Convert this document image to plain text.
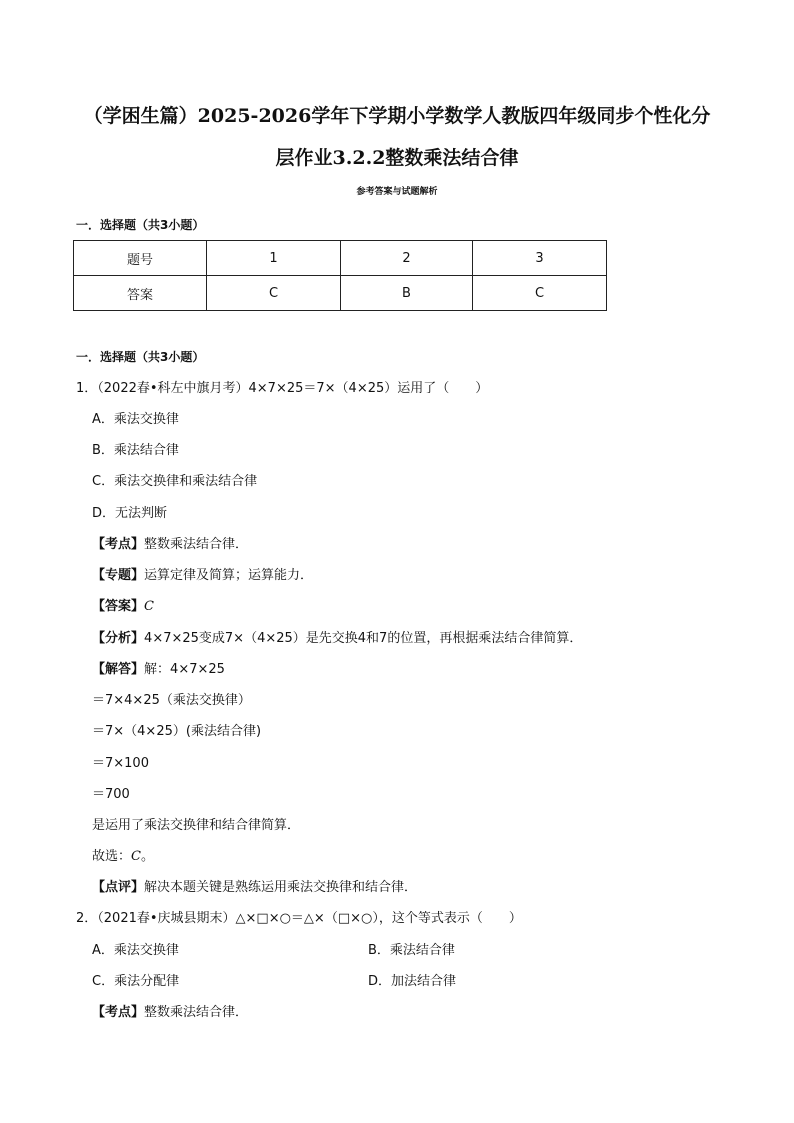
（学困生篇）2025-2026学年下学期小学数学人教版四年级同步个性化分
层作业3.2.2整数乘法结合律
参考答案与试题解析
一．选择题（共3小题）
题号	1	2	3
答案	C	B	C
一．选择题（共3小题）
1．（2022春•科左中旗月考）4×7×25＝7×（4×25）运用了（　　）
A．乘法交换律
B．乘法结合律
C．乘法交换律和乘法结合律
D．无法判断
【 考点 】 整数乘法结合律．
【 专题 】 运算定律及简算；运算能力．
【 答案 】 C
【 分析 】 4×7×25变成7×（4×25）是先交换4和7的位置，再根据乘法结合律简算．
【 解答 】 解：4×7×25
＝7×4×25（乘法交换律）
＝7×（4×25）(乘法结合律)
＝7×100
＝700
是运用了乘法交换律和结合律简算．
故选：C。
【 点评 】 解决本题关键是熟练运用乘法交换律和结合律．
2．（2021春•庆城县期末）△×□×○＝△×（□×○），这个等式表示（　　）
A．乘法交换律	B．乘法结合律
C．乘法分配律	D．加法结合律
【 考点 】 整数乘法结合律．
